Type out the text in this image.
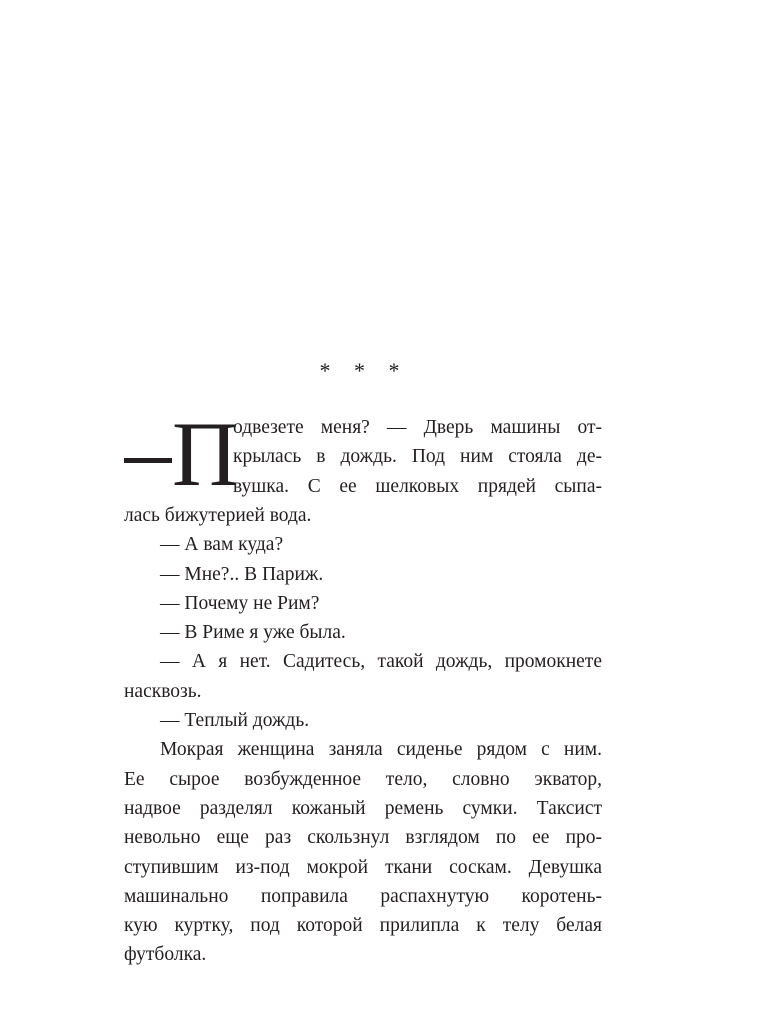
* * *
П
одвезете меня? — Дверь машины от-
крылась в дождь. Под ним стояла де-
вушка. С ее шелковых прядей сыпа-
лась бижутерией вода.
— А вам куда?
— Мне?.. В Париж.
— Почему не Рим?
— В Риме я уже была.
— А я нет. Садитесь, такой дождь, промокнете
насквозь.
— Теплый дождь.
Мокрая женщина заняла сиденье рядом с ним.
Ее сырое возбужденное тело, словно экватор,
надвое разделял кожаный ремень сумки. Таксист
невольно еще раз скользнул взглядом по ее про-
ступившим из-под мокрой ткани соскам. Девушка
машинально поправила распахнутую коротень-
кую куртку, под которой прилипла к телу белая
футболка.
